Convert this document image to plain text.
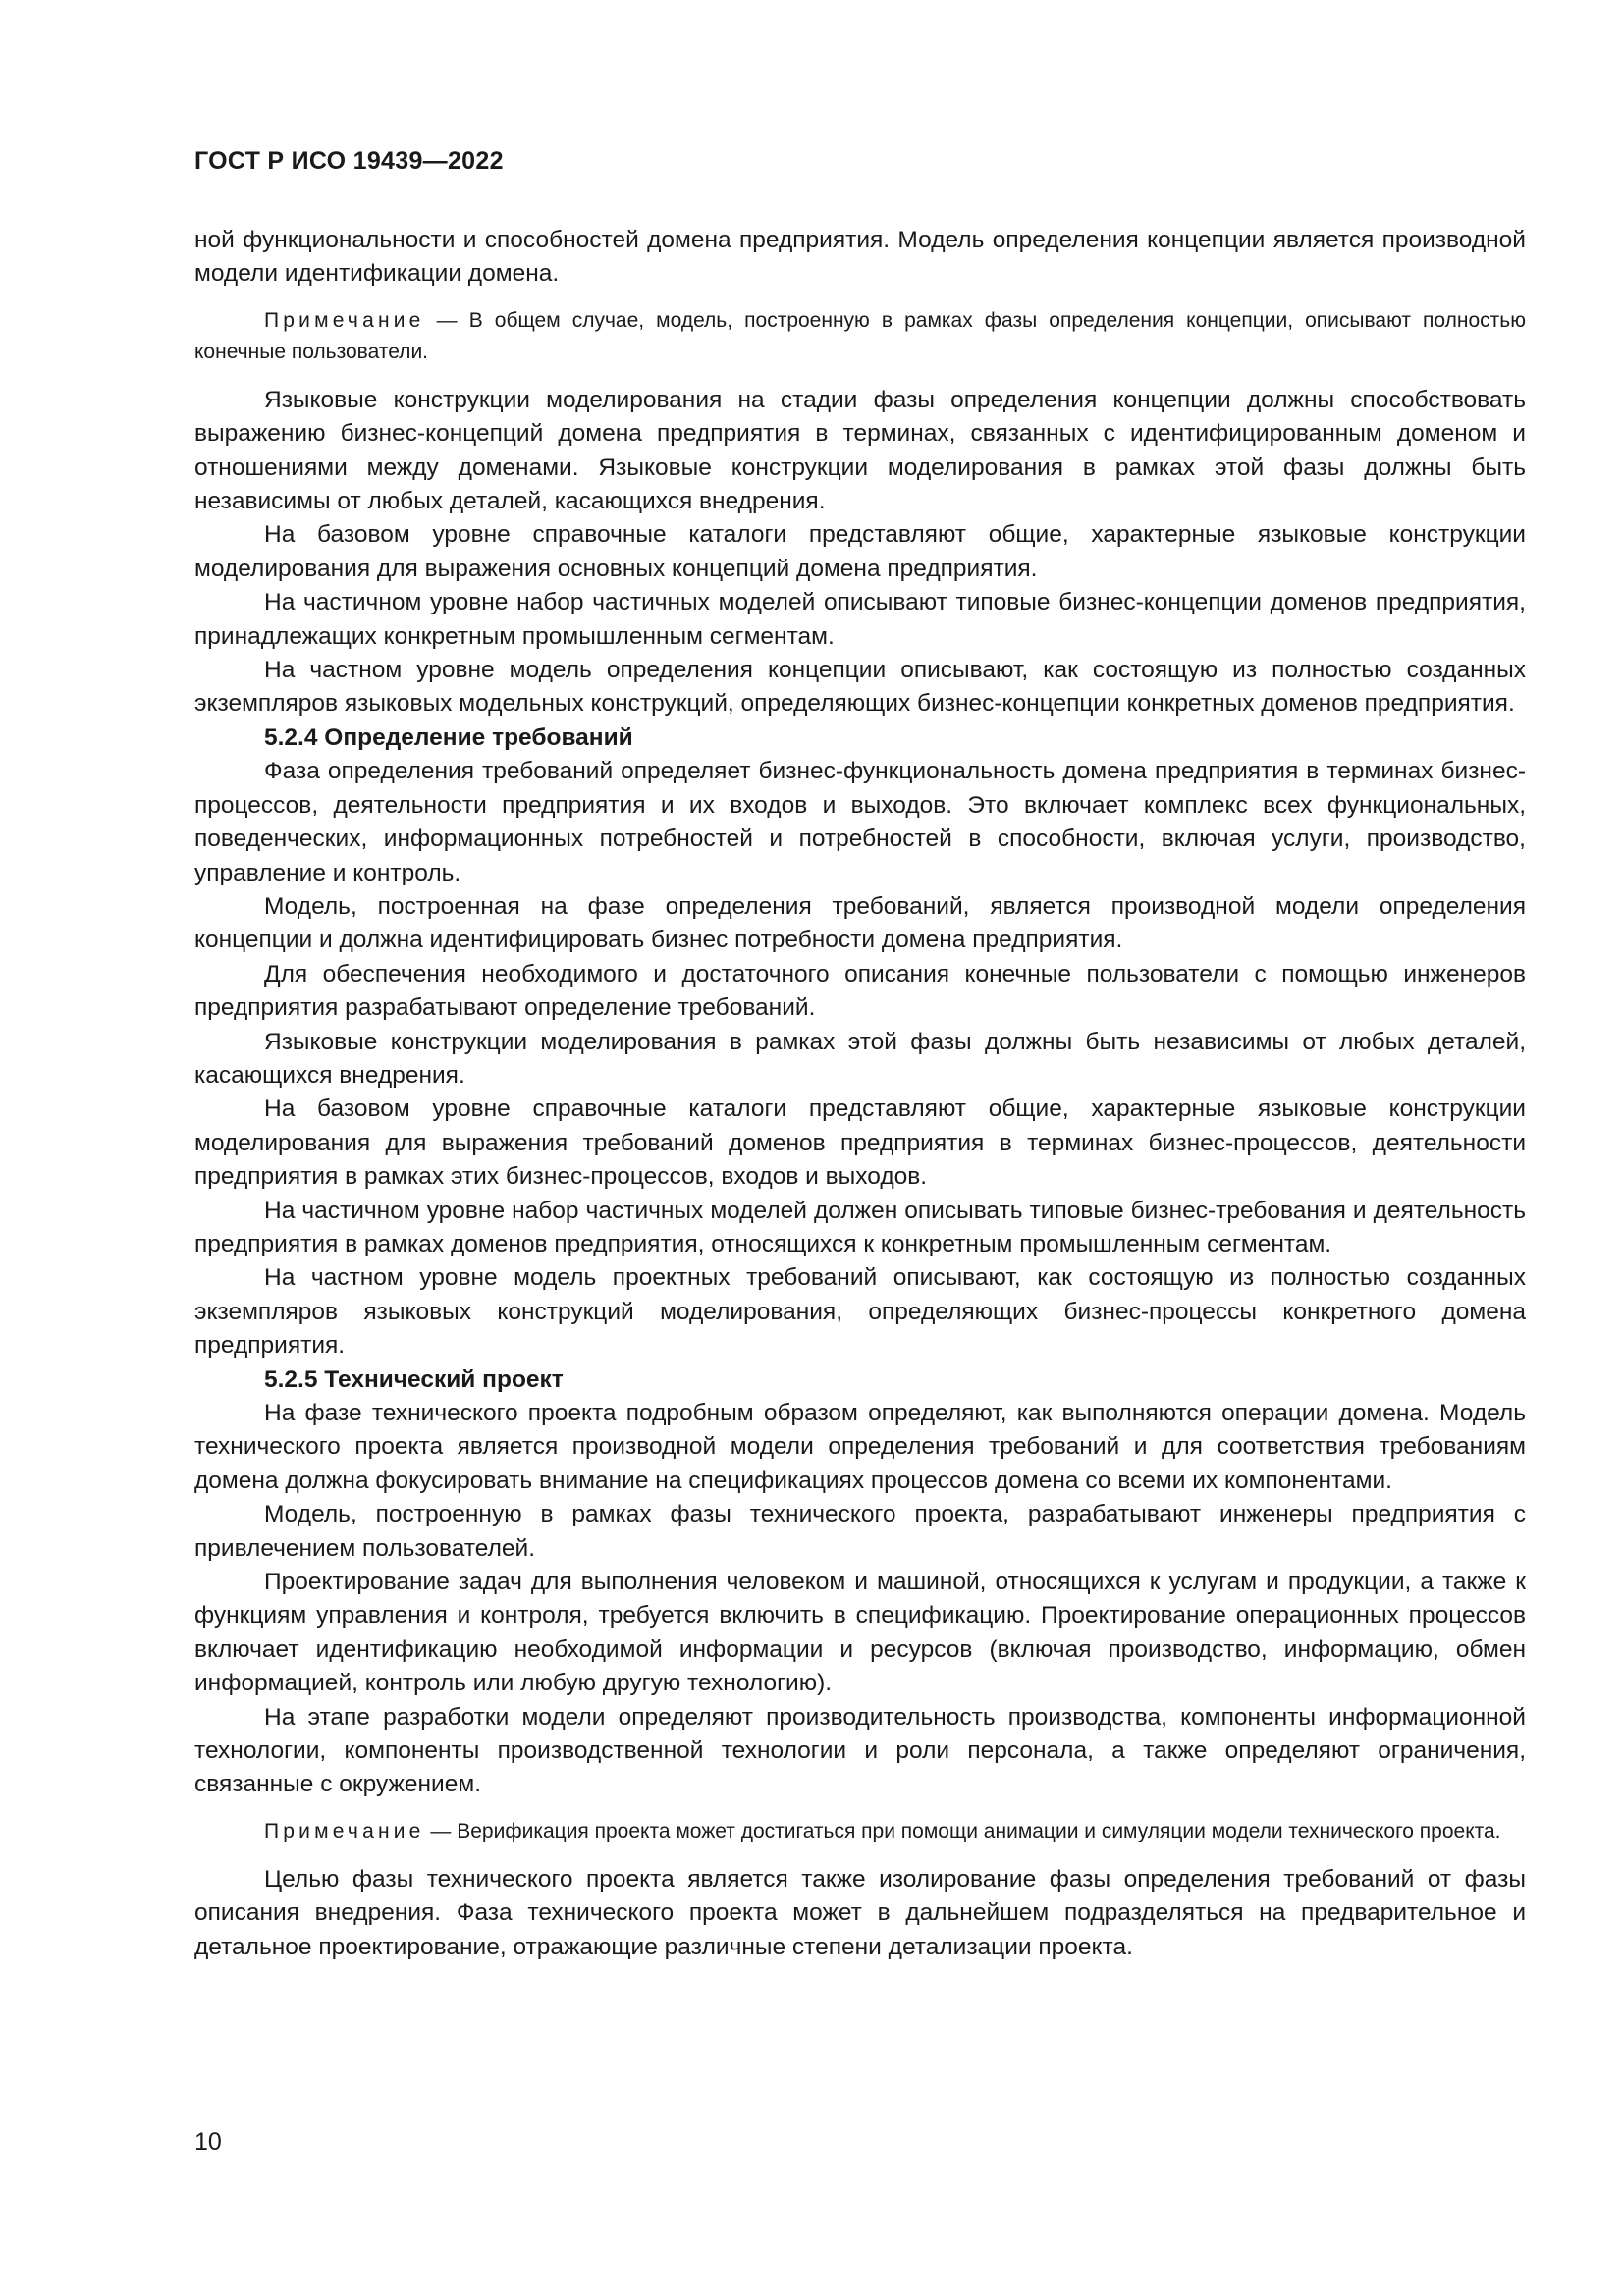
ГОСТ Р ИСО 19439—2022

ной функциональности и способностей домена предприятия. Модель определения концепции является производной модели идентификации домена.

Примечание — В общем случае, модель, построенную в рамках фазы определения концепции, описывают полностью конечные пользователи.

Языковые конструкции моделирования на стадии фазы определения концепции должны способствовать выражению бизнес-концепций домена предприятия в терминах, связанных с идентифицированным доменом и отношениями между доменами. Языковые конструкции моделирования в рамках этой фазы должны быть независимы от любых деталей, касающихся внедрения.

На базовом уровне справочные каталоги представляют общие, характерные языковые конструкции моделирования для выражения основных концепций домена предприятия.

На частичном уровне набор частичных моделей описывают типовые бизнес-концепции доменов предприятия, принадлежащих конкретным промышленным сегментам.

На частном уровне модель определения концепции описывают, как состоящую из полностью созданных экземпляров языковых модельных конструкций, определяющих бизнес-концепции конкретных доменов предприятия.

5.2.4 Определение требований

Фаза определения требований определяет бизнес-функциональность домена предприятия в терминах бизнес-процессов, деятельности предприятия и их входов и выходов. Это включает комплекс всех функциональных, поведенческих, информационных потребностей и потребностей в способности, включая услуги, производство, управление и контроль.

Модель, построенная на фазе определения требований, является производной модели определения концепции и должна идентифицировать бизнес потребности домена предприятия.

Для обеспечения необходимого и достаточного описания конечные пользователи с помощью инженеров предприятия разрабатывают определение требований.

Языковые конструкции моделирования в рамках этой фазы должны быть независимы от любых деталей, касающихся внедрения.

На базовом уровне справочные каталоги представляют общие, характерные языковые конструкции моделирования для выражения требований доменов предприятия в терминах бизнес-процессов, деятельности предприятия в рамках этих бизнес-процессов, входов и выходов.

На частичном уровне набор частичных моделей должен описывать типовые бизнес-требования и деятельность предприятия в рамках доменов предприятия, относящихся к конкретным промышленным сегментам.

На частном уровне модель проектных требований описывают, как состоящую из полностью созданных экземпляров языковых конструкций моделирования, определяющих бизнес-процессы конкретного домена предприятия.

5.2.5 Технический проект

На фазе технического проекта подробным образом определяют, как выполняются операции домена. Модель технического проекта является производной модели определения требований и для соответствия требованиям домена должна фокусировать внимание на спецификациях процессов домена со всеми их компонентами.

Модель, построенную в рамках фазы технического проекта, разрабатывают инженеры предприятия с привлечением пользователей.

Проектирование задач для выполнения человеком и машиной, относящихся к услугам и продукции, а также к функциям управления и контроля, требуется включить в спецификацию. Проектирование операционных процессов включает идентификацию необходимой информации и ресурсов (включая производство, информацию, обмен информацией, контроль или любую другую технологию).

На этапе разработки модели определяют производительность производства, компоненты информационной технологии, компоненты производственной технологии и роли персонала, а также определяют ограничения, связанные с окружением.

Примечание — Верификация проекта может достигаться при помощи анимации и симуляции модели технического проекта.

Целью фазы технического проекта является также изолирование фазы определения требований от фазы описания внедрения. Фаза технического проекта может в дальнейшем подразделяться на предварительное и детальное проектирование, отражающие различные степени детализации проекта.

10
